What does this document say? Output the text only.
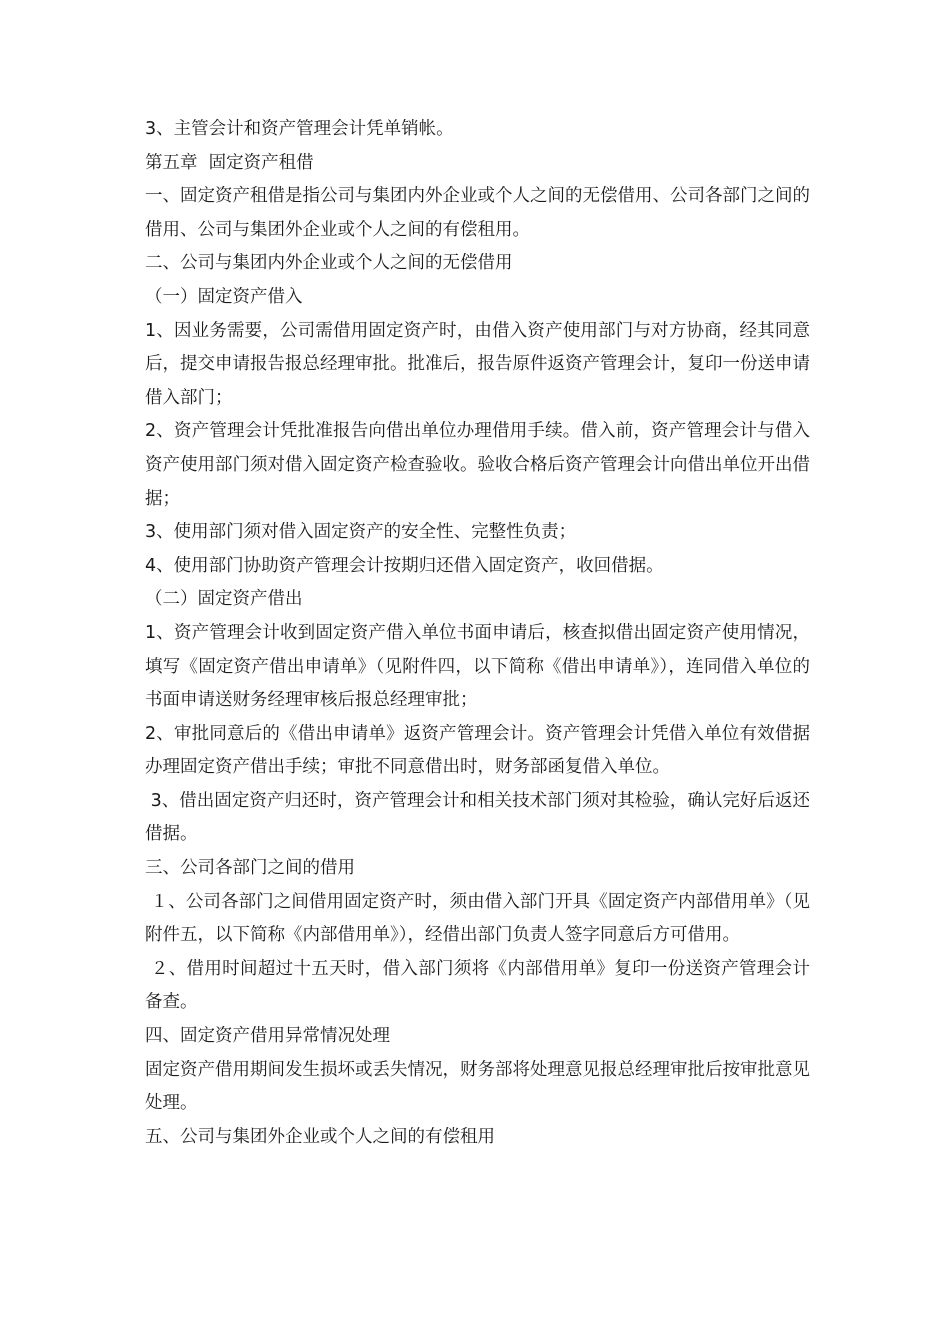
3、主管会计和资产管理会计凭单销帐。

第五章  固定资产租借

一、固定资产租借是指公司与集团内外企业或个人之间的无偿借用、公司各部门之间的借用、公司与集团外企业或个人之间的有偿租用。

二、公司与集团内外企业或个人之间的无偿借用

（一）固定资产借入

1、因业务需要，公司需借用固定资产时，由借入资产使用部门与对方协商，经其同意后，提交申请报告报总经理审批。批准后，报告原件返资产管理会计，复印一份送申请借入部门；

2、资产管理会计凭批准报告向借出单位办理借用手续。借入前，资产管理会计与借入资产使用部门须对借入固定资产检查验收。验收合格后资产管理会计向借出单位开出借据；

3、使用部门须对借入固定资产的安全性、完整性负责；

4、使用部门协助资产管理会计按期归还借入固定资产，收回借据。

（二）固定资产借出

1、资产管理会计收到固定资产借入单位书面申请后，核查拟借出固定资产使用情况，填写《固定资产借出申请单》（见附件四，以下简称《借出申请单》），连同借入单位的书面申请送财务经理审核后报总经理审批；

2、审批同意后的《借出申请单》返资产管理会计。资产管理会计凭借入单位有效借据办理固定资产借出手续；审批不同意借出时，财务部函复借入单位。

3、借出固定资产归还时，资产管理会计和相关技术部门须对其检验，确认完好后返还借据。

三、公司各部门之间的借用

１、公司各部门之间借用固定资产时，须由借入部门开具《固定资产内部借用单》（见附件五，以下简称《内部借用单》），经借出部门负责人签字同意后方可借用。

２、借用时间超过十五天时，借入部门须将《内部借用单》复印一份送资产管理会计备查。

四、固定资产借用异常情况处理

固定资产借用期间发生损坏或丢失情况，财务部将处理意见报总经理审批后按审批意见处理。

五、公司与集团外企业或个人之间的有偿租用
